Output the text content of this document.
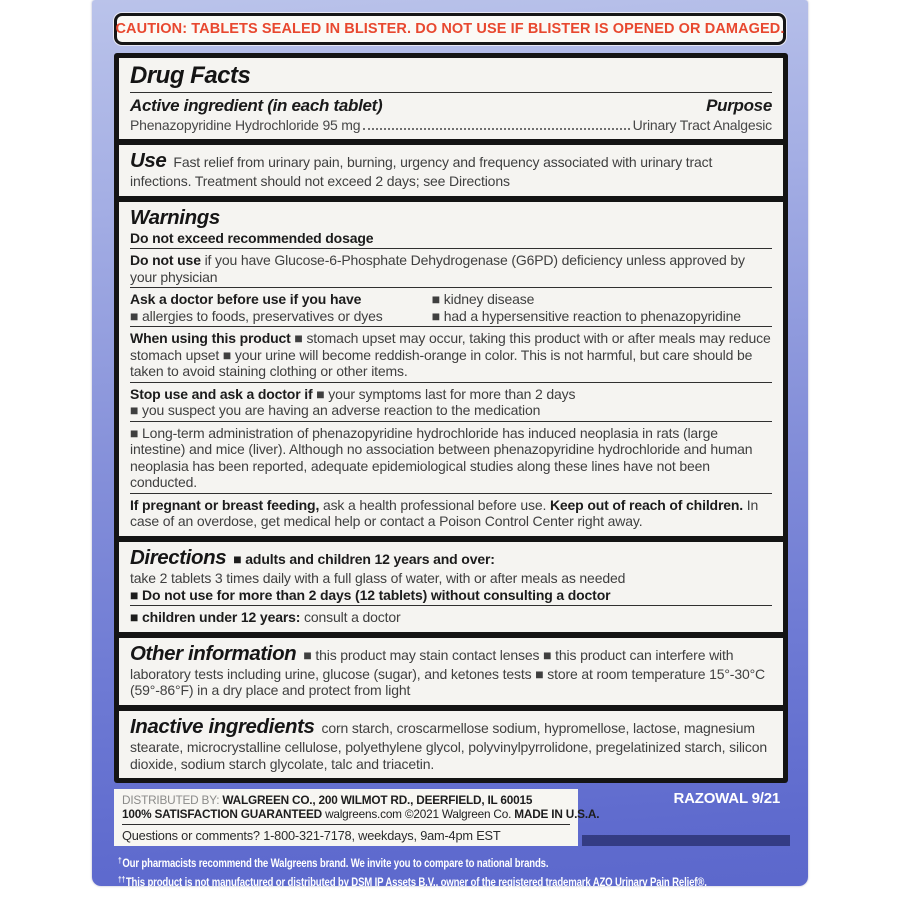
CAUTION: TABLETS SEALED IN BLISTER. DO NOT USE IF BLISTER IS OPENED OR DAMAGED.
Drug Facts
Active ingredient (in each tablet)	Purpose
Phenazopyridine Hydrochloride 95 mg	Urinary Tract Analgesic
Use Fast relief from urinary pain, burning, urgency and frequency associated with urinary tract infections. Treatment should not exceed 2 days; see Directions
Warnings
Do not exceed recommended dosage
Do not use if you have Glucose-6-Phosphate Dehydrogenase (G6PD) deficiency unless approved by your physician
Ask a doctor before use if you have	■ kidney disease
■ allergies to foods, preservatives or dyes	■ had a hypersensitive reaction to phenazopyridine
When using this product ■ stomach upset may occur, taking this product with or after meals may reduce stomach upset ■ your urine will become reddish-orange in color. This is not harmful, but care should be taken to avoid staining clothing or other items.
Stop use and ask a doctor if ■ your symptoms last for more than 2 days
■ you suspect you are having an adverse reaction to the medication
■ Long-term administration of phenazopyridine hydrochloride has induced neoplasia in rats (large intestine) and mice (liver). Although no association between phenazopyridine hydrochloride and human neoplasia has been reported, adequate epidemiological studies along these lines have not been conducted.
If pregnant or breast feeding, ask a health professional before use. Keep out of reach of children. In case of an overdose, get medical help or contact a Poison Control Center right away.
Directions ■ adults and children 12 years and over:
take 2 tablets 3 times daily with a full glass of water, with or after meals as needed
■ Do not use for more than 2 days (12 tablets) without consulting a doctor
■ children under 12 years: consult a doctor
Other information ■ this product may stain contact lenses ■ this product can interfere with laboratory tests including urine, glucose (sugar), and ketones tests ■ store at room temperature 15°-30°C (59°-86°F) in a dry place and protect from light
Inactive ingredients corn starch, croscarmellose sodium, hypromellose, lactose, magnesium stearate, microcrystalline cellulose, polyethylene glycol, polyvinylpyrrolidone, pregelatinized starch, silicon dioxide, sodium starch glycolate, talc and triacetin.
DISTRIBUTED BY: WALGREEN CO., 200 WILMOT RD., DEERFIELD, IL 60015
100% SATISFACTION GUARANTEED walgreens.com ©2021 Walgreen Co. MADE IN U.S.A.
Questions or comments? 1-800-321-7178, weekdays, 9am-4pm EST
RAZOWAL 9/21
†Our pharmacists recommend the Walgreens brand. We invite you to compare to national brands.
††This product is not manufactured or distributed by DSM IP Assets B.V., owner of the registered trademark AZO Urinary Pain Relief®.
